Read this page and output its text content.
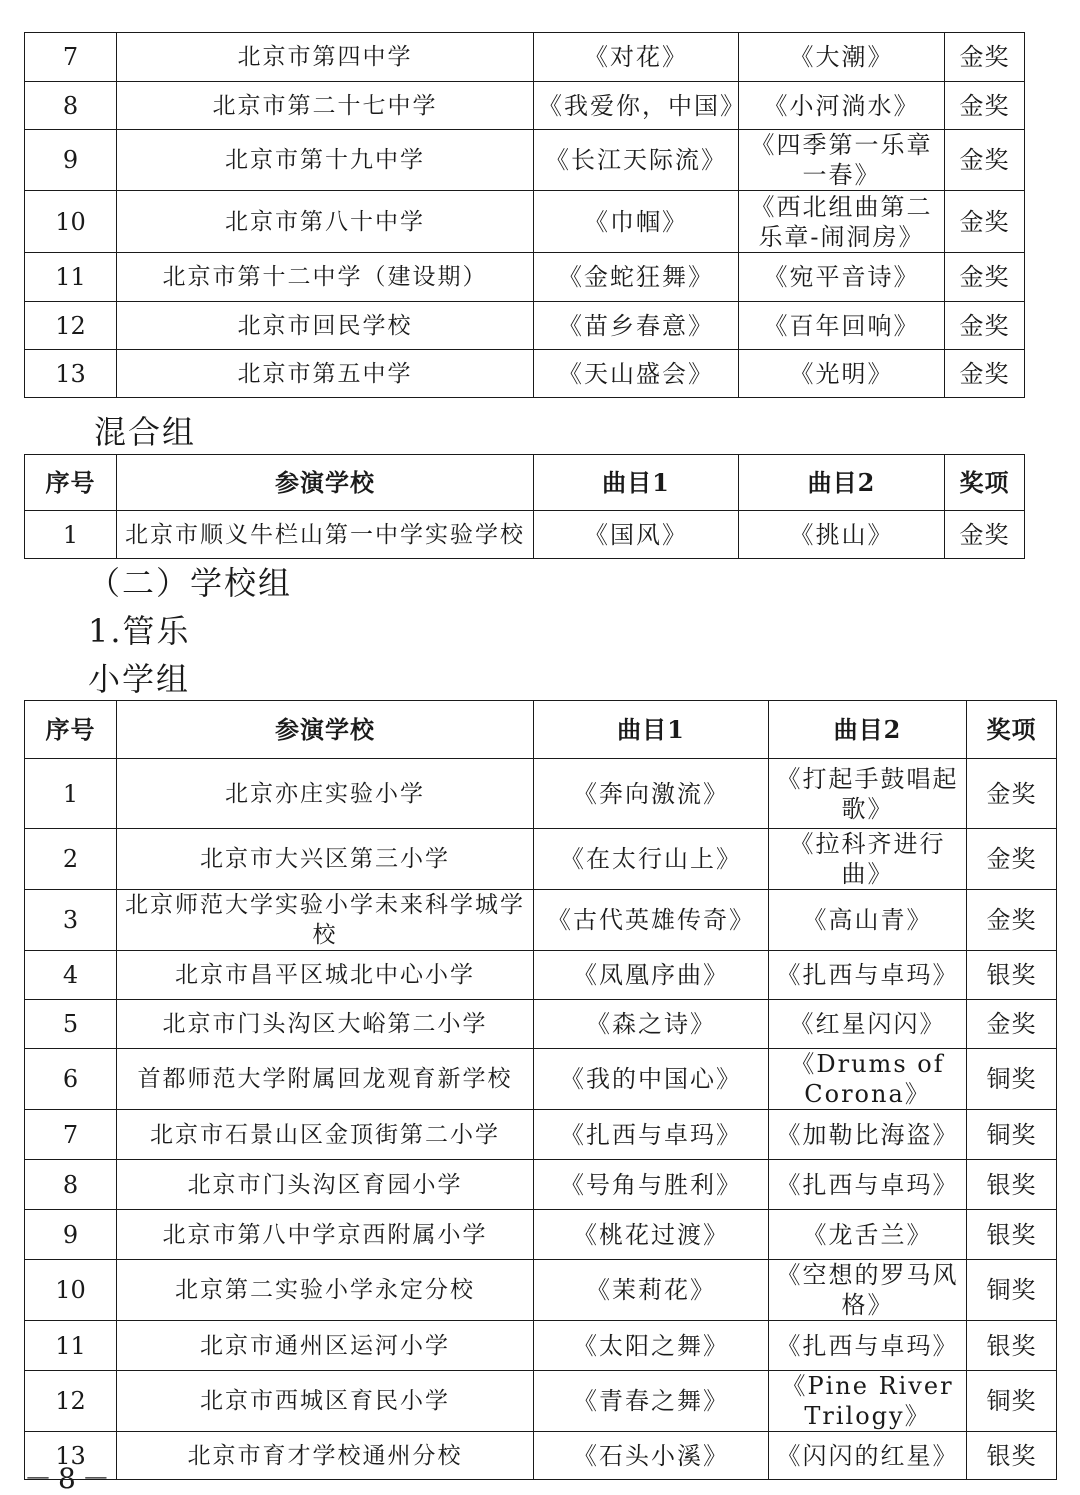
7	北京市第四中学	《对花》	《大潮》	金奖
8	北京市第二十七中学	《我爱你，中国》	《小河淌水》	金奖
9	北京市第十九中学	《长江天际流》	《四季第一乐章一春》	金奖
10	北京市第八十中学	《巾帼》	《西北组曲第二乐章-闹洞房》	金奖
11	北京市第十二中学（建设期）	《金蛇狂舞》	《宛平音诗》	金奖
12	北京市回民学校	《苗乡春意》	《百年回响》	金奖
13	北京市第五中学	《天山盛会》	《光明》	金奖
混合组
序号	参演学校	曲目1	曲目2	奖项
1	北京市顺义牛栏山第一中学实验学校	《国风》	《挑山》	金奖
（二）学校组
1.管乐
小学组
序号	参演学校	曲目1	曲目2	奖项
1	北京亦庄实验小学	《奔向激流》	《打起手鼓唱起歌》	金奖
2	北京市大兴区第三小学	《在太行山上》	《拉科齐进行曲》	金奖
3	北京师范大学实验小学未来科学城学校	《古代英雄传奇》	《高山青》	金奖
4	北京市昌平区城北中心小学	《凤凰序曲》	《扎西与卓玛》	银奖
5	北京市门头沟区大峪第二小学	《森之诗》	《红星闪闪》	金奖
6	首都师范大学附属回龙观育新学校	《我的中国心》	《Drums of Corona》	铜奖
7	北京市石景山区金顶街第二小学	《扎西与卓玛》	《加勒比海盗》	铜奖
8	北京市门头沟区育园小学	《号角与胜利》	《扎西与卓玛》	银奖
9	北京市第八中学京西附属小学	《桃花过渡》	《龙舌兰》	银奖
10	北京第二实验小学永定分校	《茉莉花》	《空想的罗马风格》	铜奖
11	北京市通州区运河小学	《太阳之舞》	《扎西与卓玛》	银奖
12	北京市西城区育民小学	《青春之舞》	《Pine River Trilogy》	铜奖
13	北京市育才学校通州分校	《石头小溪》	《闪闪的红星》	银奖
－8－
